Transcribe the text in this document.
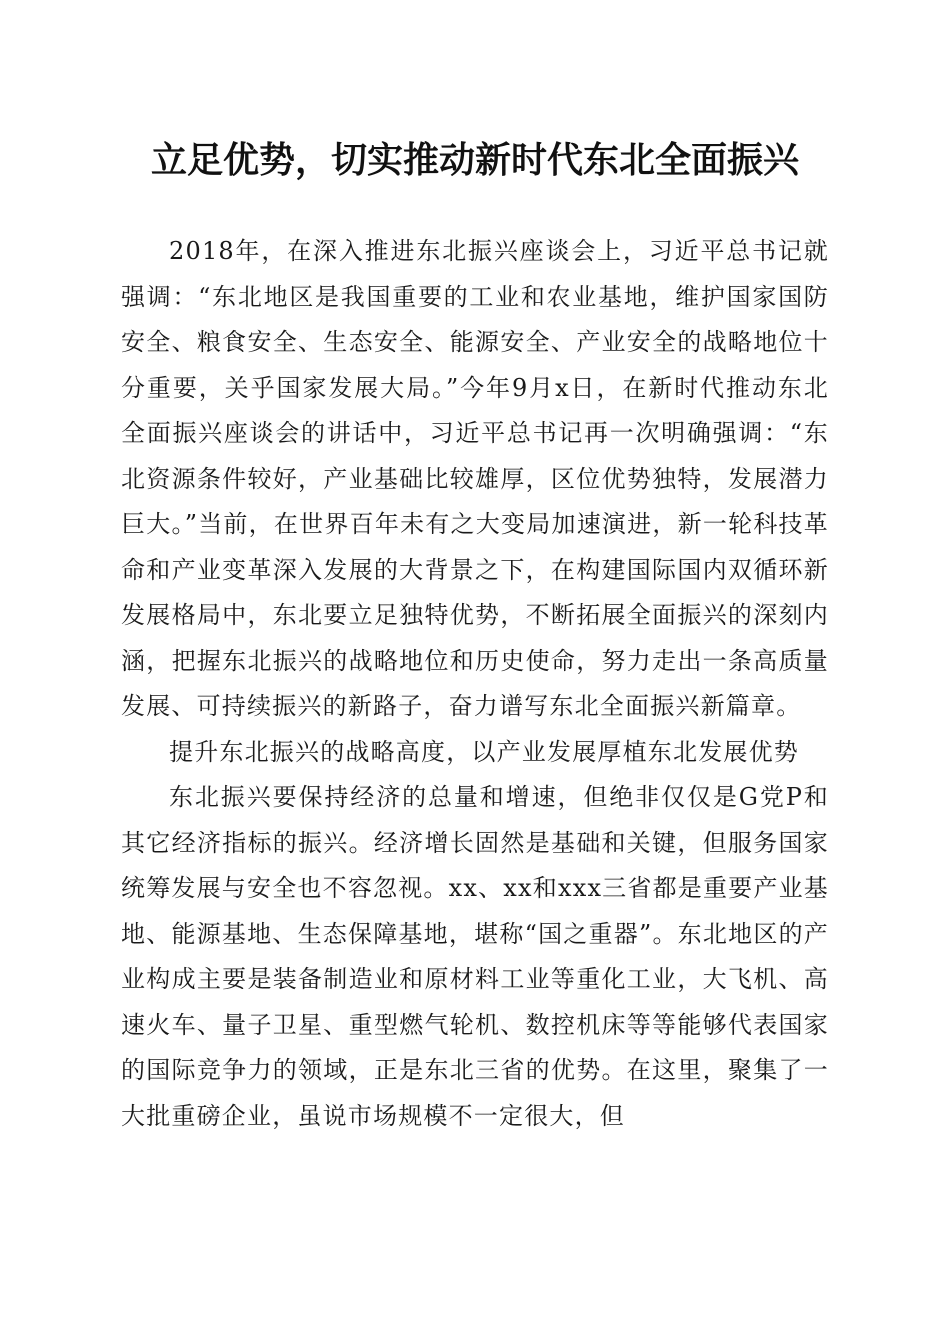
立足优势，切实推动新时代东北全面振兴

2018年，在深入推进东北振兴座谈会上，习近平总书记就强调：“东北地区是我国重要的工业和农业基地，维护国家国防安全、粮食安全、生态安全、能源安全、产业安全的战略地位十分重要，关乎国家发展大局。”今年9月x日，在新时代推动东北全面振兴座谈会的讲话中，习近平总书记再一次明确强调：“东北资源条件较好，产业基础比较雄厚，区位优势独特，发展潜力巨大。”当前，在世界百年未有之大变局加速演进，新一轮科技革命和产业变革深入发展的大背景之下，在构建国际国内双循环新发展格局中，东北要立足独特优势，不断拓展全面振兴的深刻内涵，把握东北振兴的战略地位和历史使命，努力走出一条高质量发展、可持续振兴的新路子，奋力谱写东北全面振兴新篇章。

提升东北振兴的战略高度，以产业发展厚植东北发展优势

东北振兴要保持经济的总量和增速，但绝非仅仅是G党P和其它经济指标的振兴。经济增长固然是基础和关键，但服务国家统筹发展与安全也不容忽视。xx、xx和xxx三省都是重要产业基地、能源基地、生态保障基地，堪称“国之重器”。东北地区的产业构成主要是装备制造业和原材料工业等重化工业，大飞机、高速火车、量子卫星、重型燃气轮机、数控机床等等能够代表国家的国际竞争力的领域，正是东北三省的优势。在这里，聚集了一大批重磅企业，虽说市场规模不一定很大，但
